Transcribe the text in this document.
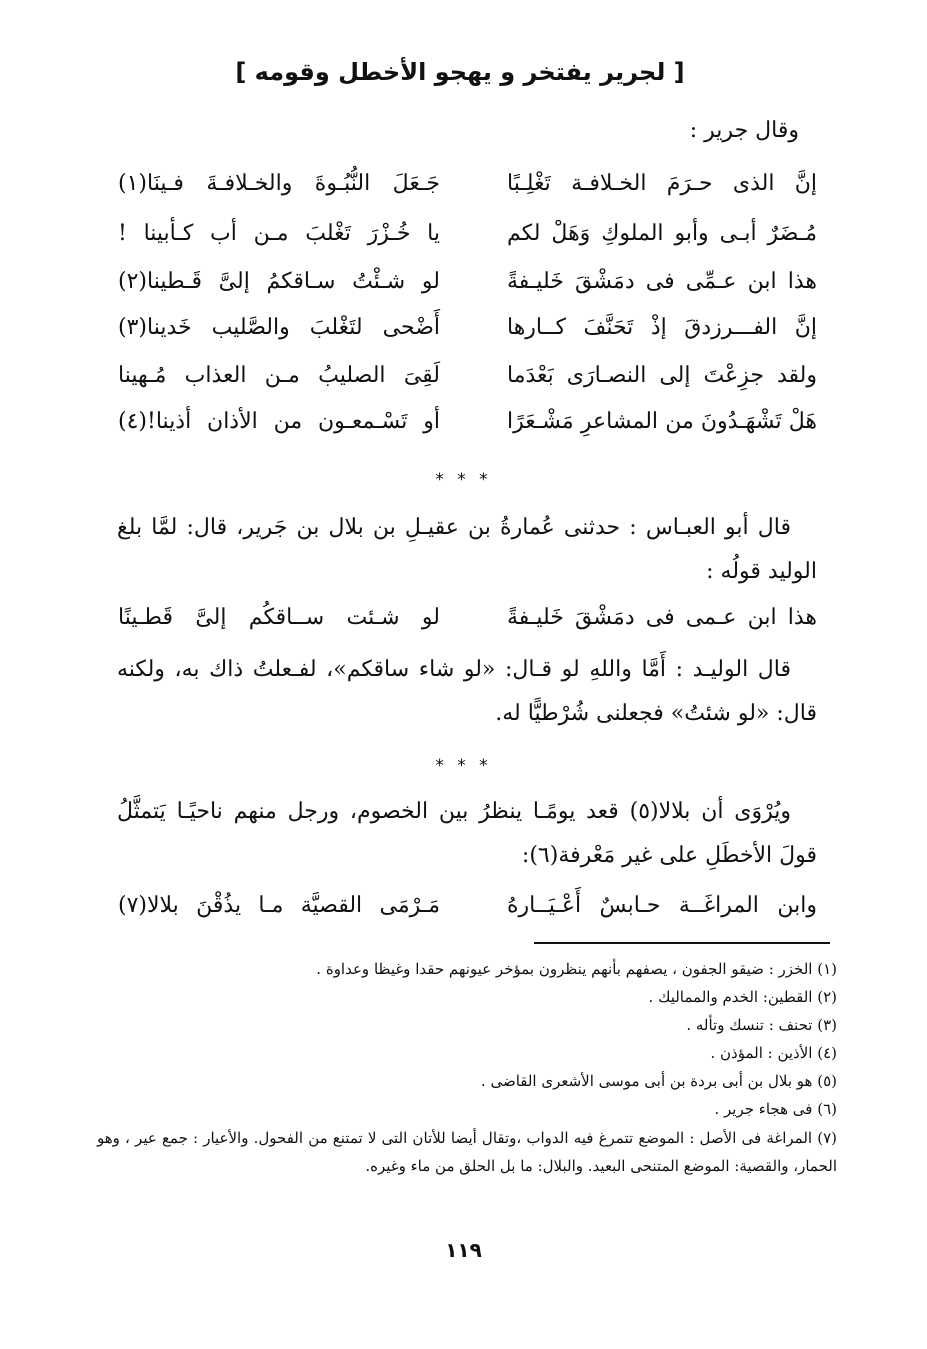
[ لجرير يفتخر و يهجو الأخطل وقومه ]
وقال جرير :
إنَّ الذى حـرَمَ الخـلافـة تَغْلِـبًا
جَـعَلَ النُّبُـوةَ والخـلافـةَ فـينَا(١)
مُـضَرٌ أبـى وأبو الملوكِ وَهَلْ لكم
يا خُـزْرَ تَغْلبَ مـن أب كـأبينا !
هذا ابن عـمِّى فى دمَشْقَ خَليـفةً
لو شـئْتُ سـاقكمُ إلىَّ قَـطينا(٢)
إنَّ الفـــرزدقَ إذْ تَحَنَّفَ كــارها
أَضْحى لتَغْلبَ والصَّليب خَدينا(٣)
ولقد جزِعْتَ إلى النصـارَى بَعْدَما
لَقِىَ الصليبُ مـن العذاب مُـهينا
هَلْ تَشْهَـدُونَ من المشاعرِ مَشْـعَرًا
أو تَسْـمعـون من الأذان أذينا!(٤)
* * *
قال أبو العبـاس : حدثنى عُمارةُ بن عقيـلِ بن بلال بن جَرير، قال: لمَّا بلغ الوليد قولُه :
هذا ابن عـمى فى دمَشْقَ خَليـفةً
لو شـئت ســاقكُم إلىَّ قَطـينًا
قال الوليـد : أَمَّا واللهِ لو قـال: «لو شاء ساقكم»، لفـعلتُ ذاك به، ولكنه قال: «لو شئتُ» فجعلنى شُرْطيًّا له.
* * *
ويُرْوَى أن بلالا(٥) قعد يومًـا ينظرُ بين الخصوم، ورجل منهم ناحيًـا يَتمثَّلُ قولَ الأخطَلِ على غير مَعْرفة(٦):
وابن المراغَــة حـابسٌ أَعْـيَــارهُ
مَـرْمَى القصيَّة مـا يذُقْنَ بلالا(٧)
(١) الخزر : ضيقو الجفون ، يصفهم بأنهم ينظرون بمؤخر عيونهم حقدا وغيظا وعداوة .
(٢) القطين: الخدم والمماليك .
(٣) تحنف : تنسك وتأله .
(٤) الأذين : المؤذن .
(٥) هو بلال بن أبى بردة بن أبى موسى الأشعرى القاضى .
(٦) فى هجاء جرير .
(٧) المراغة فى الأصل : الموضع تتمرغ فيه الدواب ،وتقال أيضا للأتان التى لا تمتنع من الفحول. والأعيار : جمع عير ، وهو الحمار، والقصية: الموضع المتنحى البعيد. والبلال: ما بل الحلق من ماء وغيره.
١١٩
